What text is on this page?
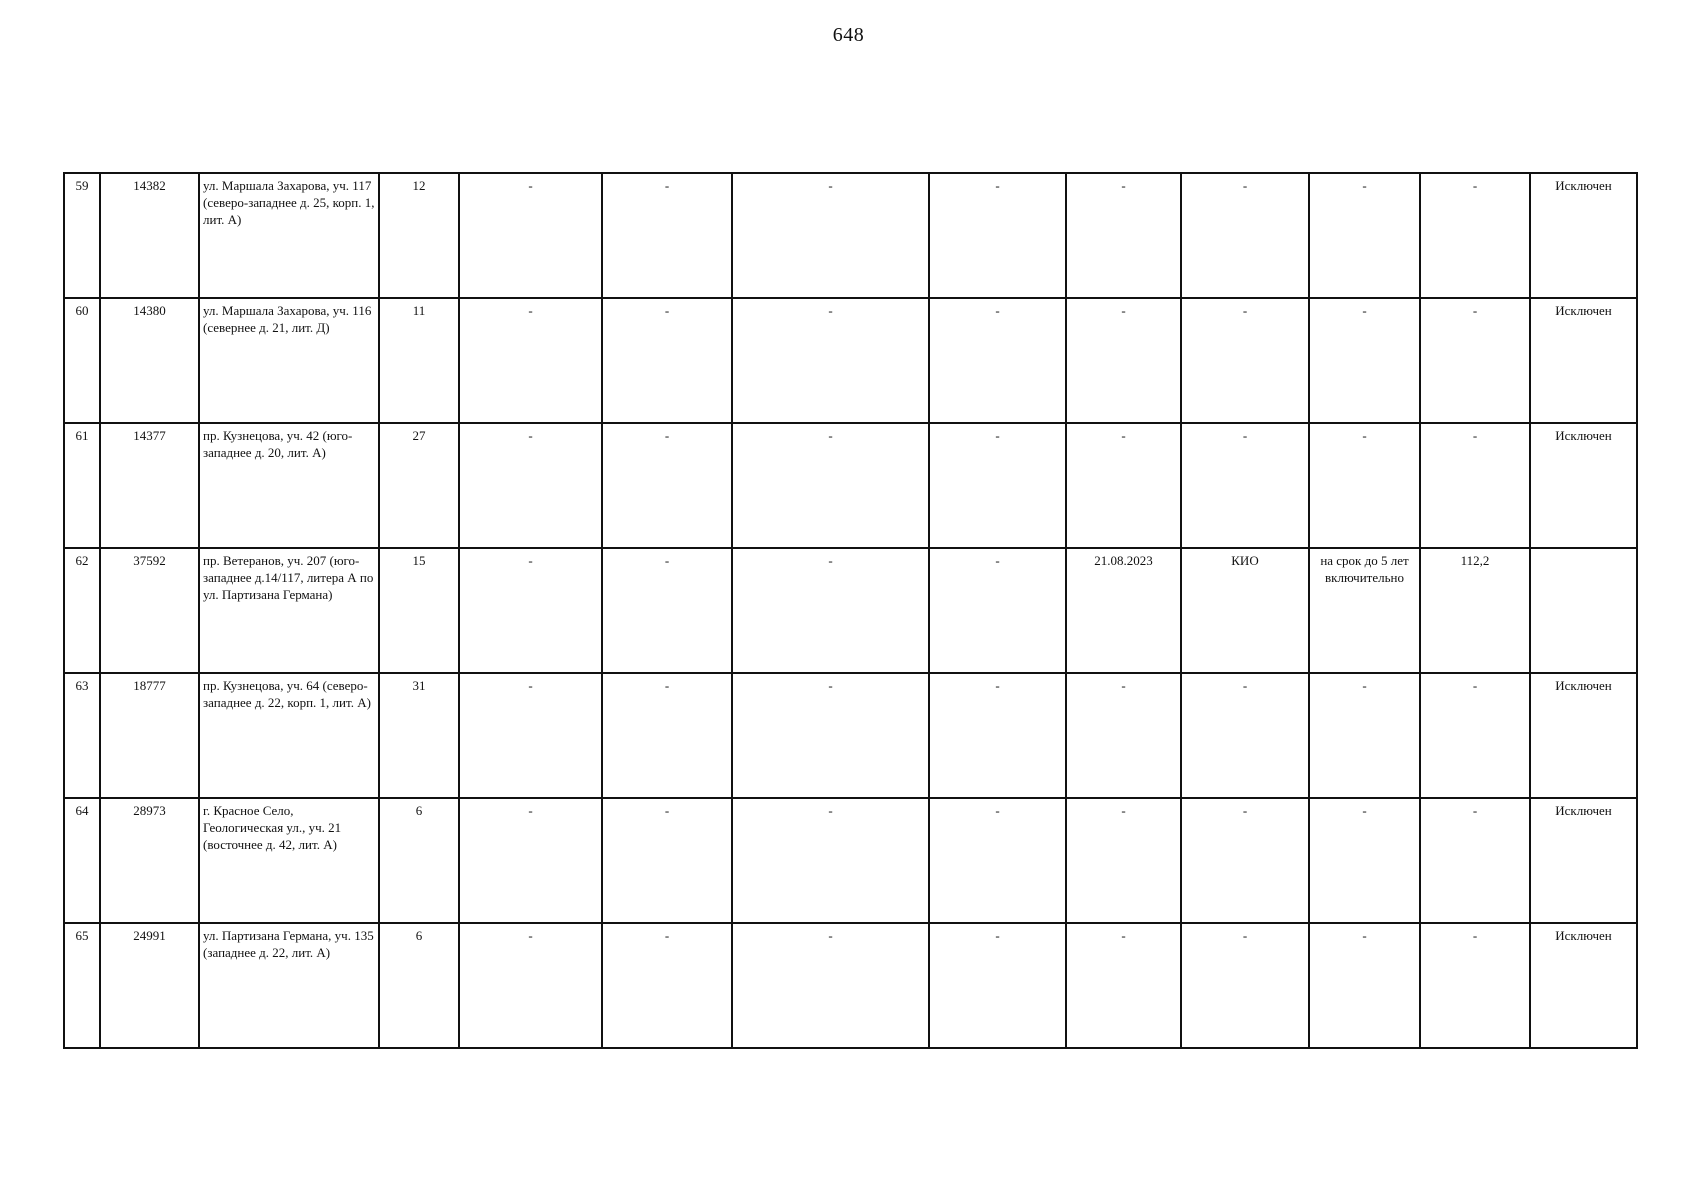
648
59	14382	ул. Маршала Захарова, уч. 117 (северо-западнее д. 25, корп. 1, лит. А)	12	-	-	-	-	-	-	-	-	Исключен
60	14380	ул. Маршала Захарова, уч. 116 (севернее д. 21, лит. Д)	11	-	-	-	-	-	-	-	-	Исключен
61	14377	пр. Кузнецова, уч. 42 (юго-западнее д. 20, лит. А)	27	-	-	-	-	-	-	-	-	Исключен
62	37592	пр. Ветеранов, уч. 207 (юго-западнее д.14/117, литера А по ул. Партизана Германа)	15	-	-	-	-	21.08.2023	КИО	на срок до 5 лет включительно	112,2	
63	18777	пр. Кузнецова, уч. 64 (северо-западнее д. 22, корп. 1, лит. А)	31	-	-	-	-	-	-	-	-	Исключен
64	28973	г. Красное Село, Геологическая ул., уч. 21 (восточнее д. 42, лит. А)	6	-	-	-	-	-	-	-	-	Исключен
65	24991	ул. Партизана Германа, уч. 135 (западнее д. 22, лит. А)	6	-	-	-	-	-	-	-	-	Исключен
